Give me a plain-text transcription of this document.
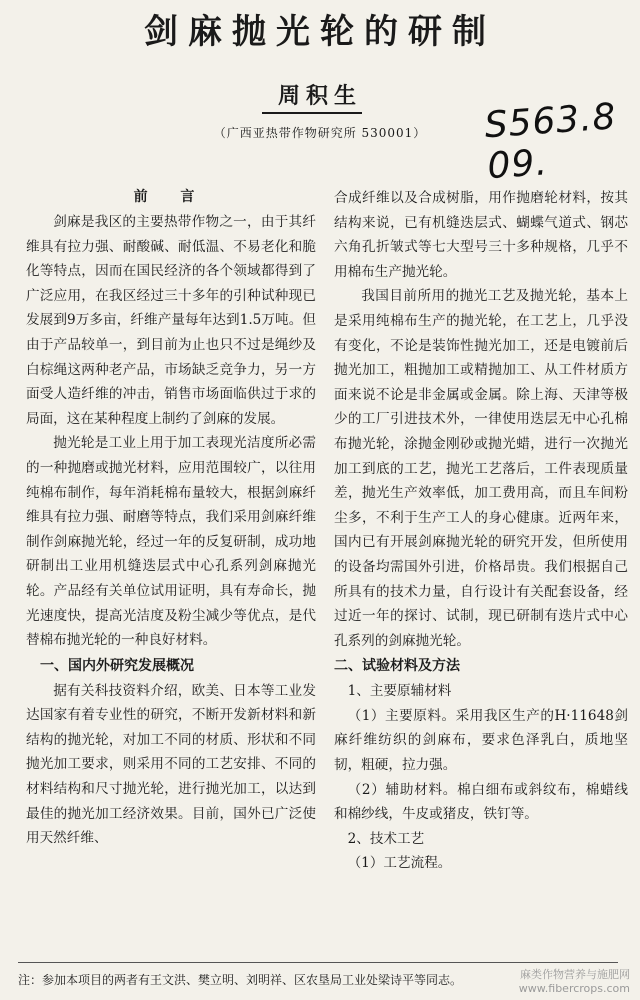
剑麻抛光轮的研制
周积生
（广西亚热带作物研究所 530001）	S563.8 09.
前 言

剑麻是我区的主要热带作物之一，由于其纤维具有拉力强、耐酸碱、耐低温、不易老化和脆化等特点，因而在国民经济的各个领域都得到了广泛应用，在我区经过三十多年的引种试种现已发展到9万多亩，纤维产量每年达到1.5万吨。但由于产品较单一，到目前为止也只不过是绳纱及白棕绳这两种老产品，市场缺乏竞争力，另一方面受人造纤维的冲击，销售市场面临供过于求的局面，这在某种程度上制约了剑麻的发展。

抛光轮是工业上用于加工表现光洁度所必需的一种抛磨或抛光材料，应用范围较广，以往用纯棉布制作，每年消耗棉布量较大，根据剑麻纤维具有拉力强、耐磨等特点，我们采用剑麻纤维制作剑麻抛光轮，经过一年的反复研制，成功地研制出工业用机缝迭层式中心孔系列剑麻抛光轮。产品经有关单位试用证明，具有寿命长，抛光速度快，提高光洁度及粉尘减少等优点，是代替棉布抛光轮的一种良好材料。

一、国内外研究发展概况

据有关科技资料介绍，欧美、日本等工业发达国家有着专业性的研究，不断开发新材料和新结构的抛光轮，对加工不同的材质、形状和不同抛光加工要求，则采用不同的工艺安排、不同的材料结构和尺寸抛光轮，进行抛光加工，以达到最佳的抛光加工经济效果。目前，国外已广泛使用天然纤维、

合成纤维以及合成树脂，用作抛磨轮材料，按其结构来说，已有机缝迭层式、蝴蝶气道式、钢芯六角孔折皱式等七大型号三十多种规格，几乎不用棉布生产抛光轮。

我国目前所用的抛光工艺及抛光轮，基本上是采用纯棉布生产的抛光轮，在工艺上，几乎没有变化，不论是装饰性抛光加工，还是电镀前后抛光加工，粗抛加工或精抛加工、从工件材质方面来说不论是非金属或金属。除上海、天津等极少的工厂引进技术外，一律使用迭层无中心孔棉布抛光轮，涂抛金刚砂或抛光蜡，进行一次抛光加工到底的工艺，抛光工艺落后，工件表现质量差，抛光生产效率低，加工费用高，而且车间粉尘多，不利于生产工人的身心健康。近两年来，国内已有开展剑麻抛光轮的研究开发，但所使用的设备均需国外引进，价格昂贵。我们根据自己所具有的技术力量，自行设计有关配套设备，经过近一年的探讨、试制，现已研制有迭片式中心孔系列的剑麻抛光轮。

二、试验材料及方法

1、主要原辅材料

（1）主要原料。采用我区生产的H·11648剑麻纤维纺织的剑麻布，要求色泽乳白，质地坚韧，粗硬，拉力强。

（2）辅助材料。棉白细布或斜纹布，棉蜡线和棉纱线，牛皮或猪皮，铁钉等。

2、技术工艺

（1）工艺流程。

注：参加本项目的两者有王文洪、樊立明、刘明祥、区农垦局工业处梁诗平等同志。	麻类作物营养与施肥网
www.fibercrops.com
